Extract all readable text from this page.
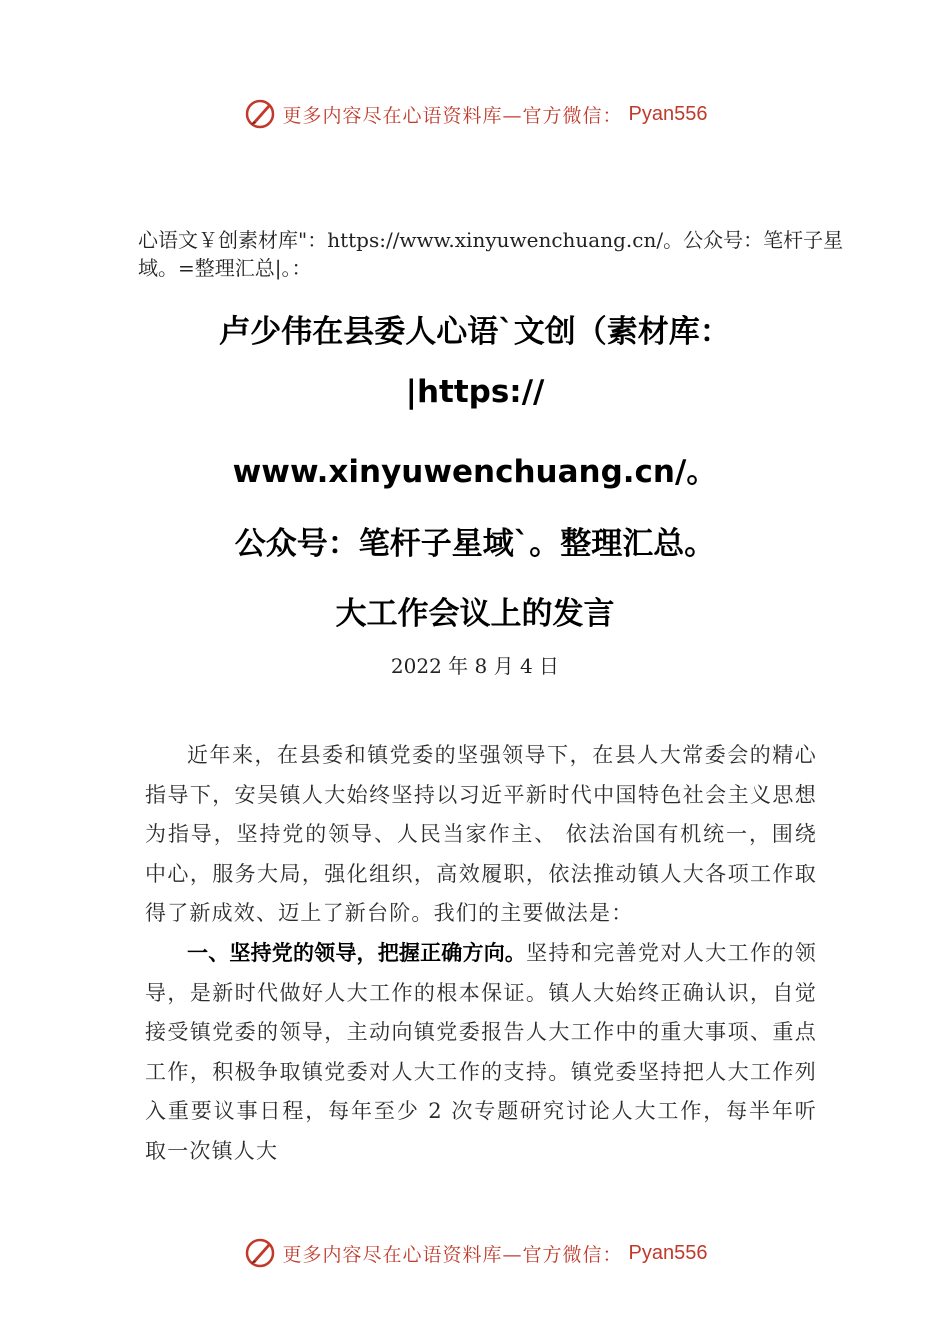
更多内容尽在心语资料库—官方微信： Pyan556
心语文￥创素材库"：https://www.xinyuwenchuang.cn/。公众号：笔杆子星域。=整理汇总|。：
卢少伟在县委人心语`文创（素材库：
|https://
www.xinyuwenchuang.cn/。
公众号：笔杆子星域`。整理汇总。
大工作会议上的发言
2022 年 8 月 4 日

近年来，在县委和镇党委的坚强领导下，在县人大常委会的精心指导下，安吴镇人大始终坚持以习近平新时代中国特色社会主义思想为指导，坚持党的领导、人民当家作主、 依法治国有机统一，围绕中心，服务大局，强化组织，高效履职，依法推动镇人大各项工作取得了新成效、迈上了新台阶。我们的主要做法是：

一、坚持党的领导，把握正确方向。坚持和完善党对人大工作的领导，是新时代做好人大工作的根本保证。镇人大始终正确认识，自觉接受镇党委的领导，主动向镇党委报告人大工作中的重大事项、重点工作，积极争取镇党委对人大工作的支持。镇党委坚持把人大工作列入重要议事日程，每年至少 2 次专题研究讨论人大工作，每半年听取一次镇人大

更多内容尽在心语资料库—官方微信： Pyan556
